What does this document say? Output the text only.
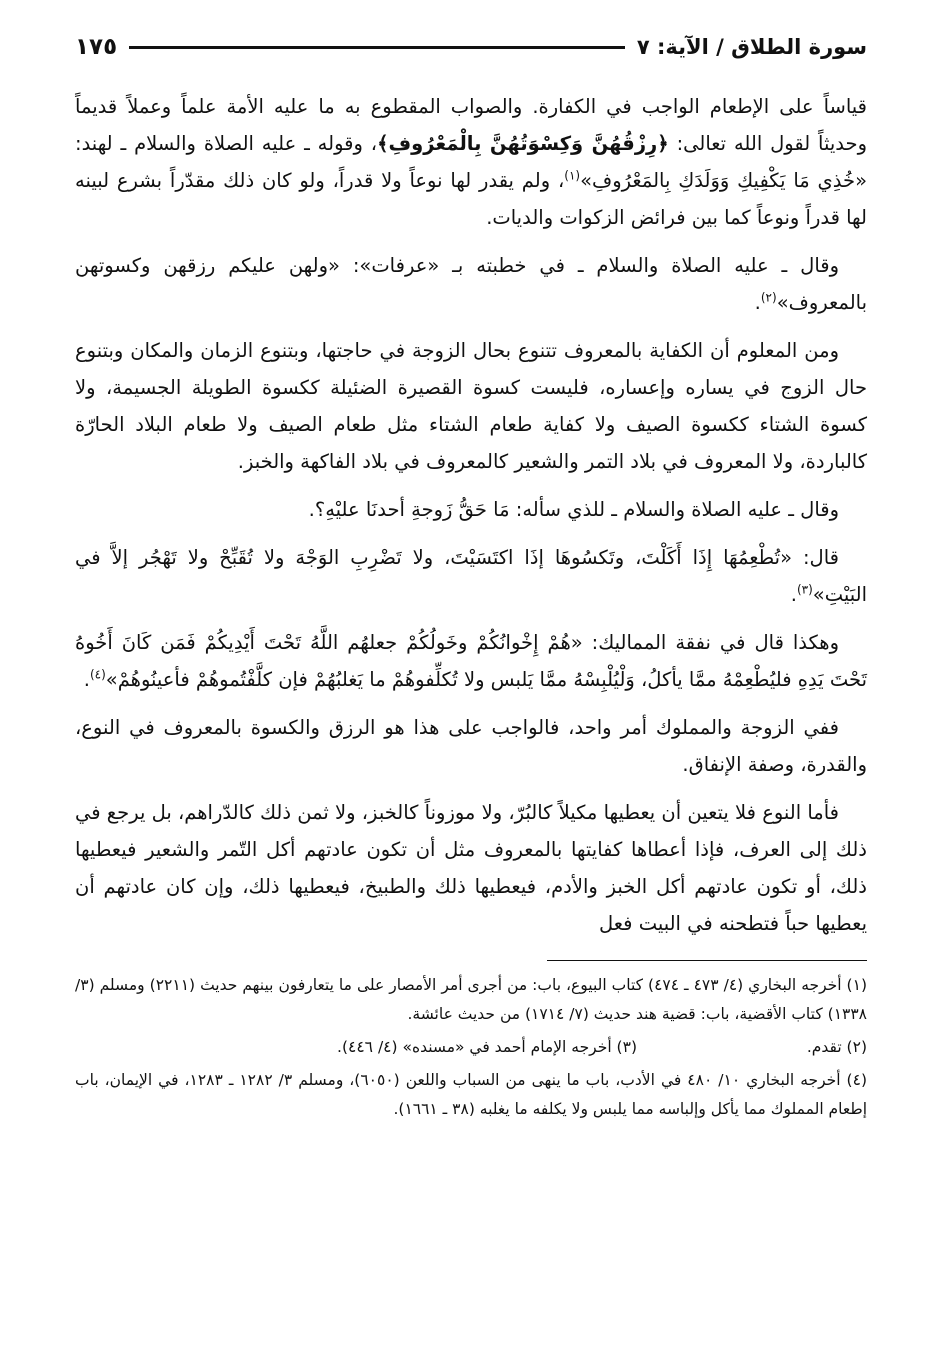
سورة الطلاق / الآية: ٧
١٧٥

قياساً على الإطعام الواجب في الكفارة. والصواب المقطوع به ما عليه الأمة علماً وعملاً قديماً وحديثاً لقول الله تعالى: ﴿رِزْقُهُنَّ وَكِسْوَتُهُنَّ بِالْمَعْرُوفِ﴾، وقوله ـ عليه الصلاة والسلام ـ لهند: «خُذِي مَا يَكْفِيكِ وَوَلَدَكِ بِالمَعْرُوفِ»$^{(١)}$، ولم يقدر لها نوعاً ولا قدراً، ولو كان ذلك مقدّراً بشرع لبينه لها قدراً ونوعاً كما بين فرائض الزكوات والديات.

وقال ـ عليه الصلاة والسلام ـ في خطبته بـ «عرفات»: «ولهن عليكم رزقهن وكسوتهن بالمعروف»$^{(٢)}$.

ومن المعلوم أن الكفاية بالمعروف تتنوع بحال الزوجة في حاجتها، وبتنوع الزمان والمكان وبتنوع حال الزوج في يساره وإعساره، فليست كسوة القصيرة الضئيلة ككسوة الطويلة الجسيمة، ولا كسوة الشتاء ككسوة الصيف ولا كفاية طعام الشتاء مثل طعام الصيف ولا طعام البلاد الحارّة كالباردة، ولا المعروف في بلاد التمر والشعير كالمعروف في بلاد الفاكهة والخبز.

وقال ـ عليه الصلاة والسلام ـ للذي سأله: مَا حَقُّ زَوجةِ أحدنَا عليْهِ؟.

قال: «تُطْعِمُهَا إِذَا أَكَلْتَ، وتَكسُوهَا إذَا اكتَسَيْتَ، ولا تَضْرِبِ الوَجْهَ ولا تُقَبِّحْ ولا تَهْجُر إلاَّ في البَيْتِ»$^{(٣)}$.

وهكذا قال في نفقة المماليك: «هُمْ إِخْوانُكُمْ وخَولُكُمْ جعلهُم اللَّهُ تَحْتَ أَيْدِيكُمْ فَمَن كَانَ أَخُوهُ تَحْتَ يَدِهِ فليُطْعِمْهُ ممَّا يأكلُ، وَلْيُلْبِسْهُ ممَّا يَلبس ولا تُكلِّفوهُمْ ما يَغلبُهُمْ فإن كلَّفْتُموهُمْ فأعينُوهُمْ»$^{(٤)}$.

ففي الزوجة والمملوك أمر واحد، فالواجب على هذا هو الرزق والكسوة بالمعروف في النوع، والقدرة، وصفة الإنفاق.

فأما النوع فلا يتعين أن يعطيها مكيلاً كالبُرّ، ولا موزوناً كالخبز، ولا ثمن ذلك كالدّراهم، بل يرجع في ذلك إلى العرف، فإذا أعطاها كفايتها بالمعروف مثل أن تكون عادتهم أكل التّمر والشعير فيعطيها ذلك، أو تكون عادتهم أكل الخبز والأدم، فيعطيها ذلك والطبيخ، فيعطيها ذلك، وإن كان عادتهم أن يعطيها حباً فتطحنه في البيت فعل

(١) أخرجه البخاري (٤/ ٤٧٣ ـ ٤٧٤) كتاب البيوع، باب: من أجرى أمر الأمصار على ما يتعارفون بينهم حديث (٢٢١١) ومسلم (٣/ ١٣٣٨) كتاب الأقضية، باب: قضية هند حديث (٧/ ١٧١٤) من حديث عائشة.
(٢) تقدم.
(٣) أخرجه الإمام أحمد في «مسنده» (٤/ ٤٤٦).
(٤) أخرجه البخاري ١٠/ ٤٨٠ في الأدب، باب ما ينهى من السباب واللعن (٦٠٥٠)، ومسلم ٣/ ١٢٨٢ ـ ١٢٨٣، في الإيمان، باب إطعام المملوك مما يأكل وإلباسه مما يلبس ولا يكلفه ما يغلبه (٣٨ ـ ١٦٦١).
